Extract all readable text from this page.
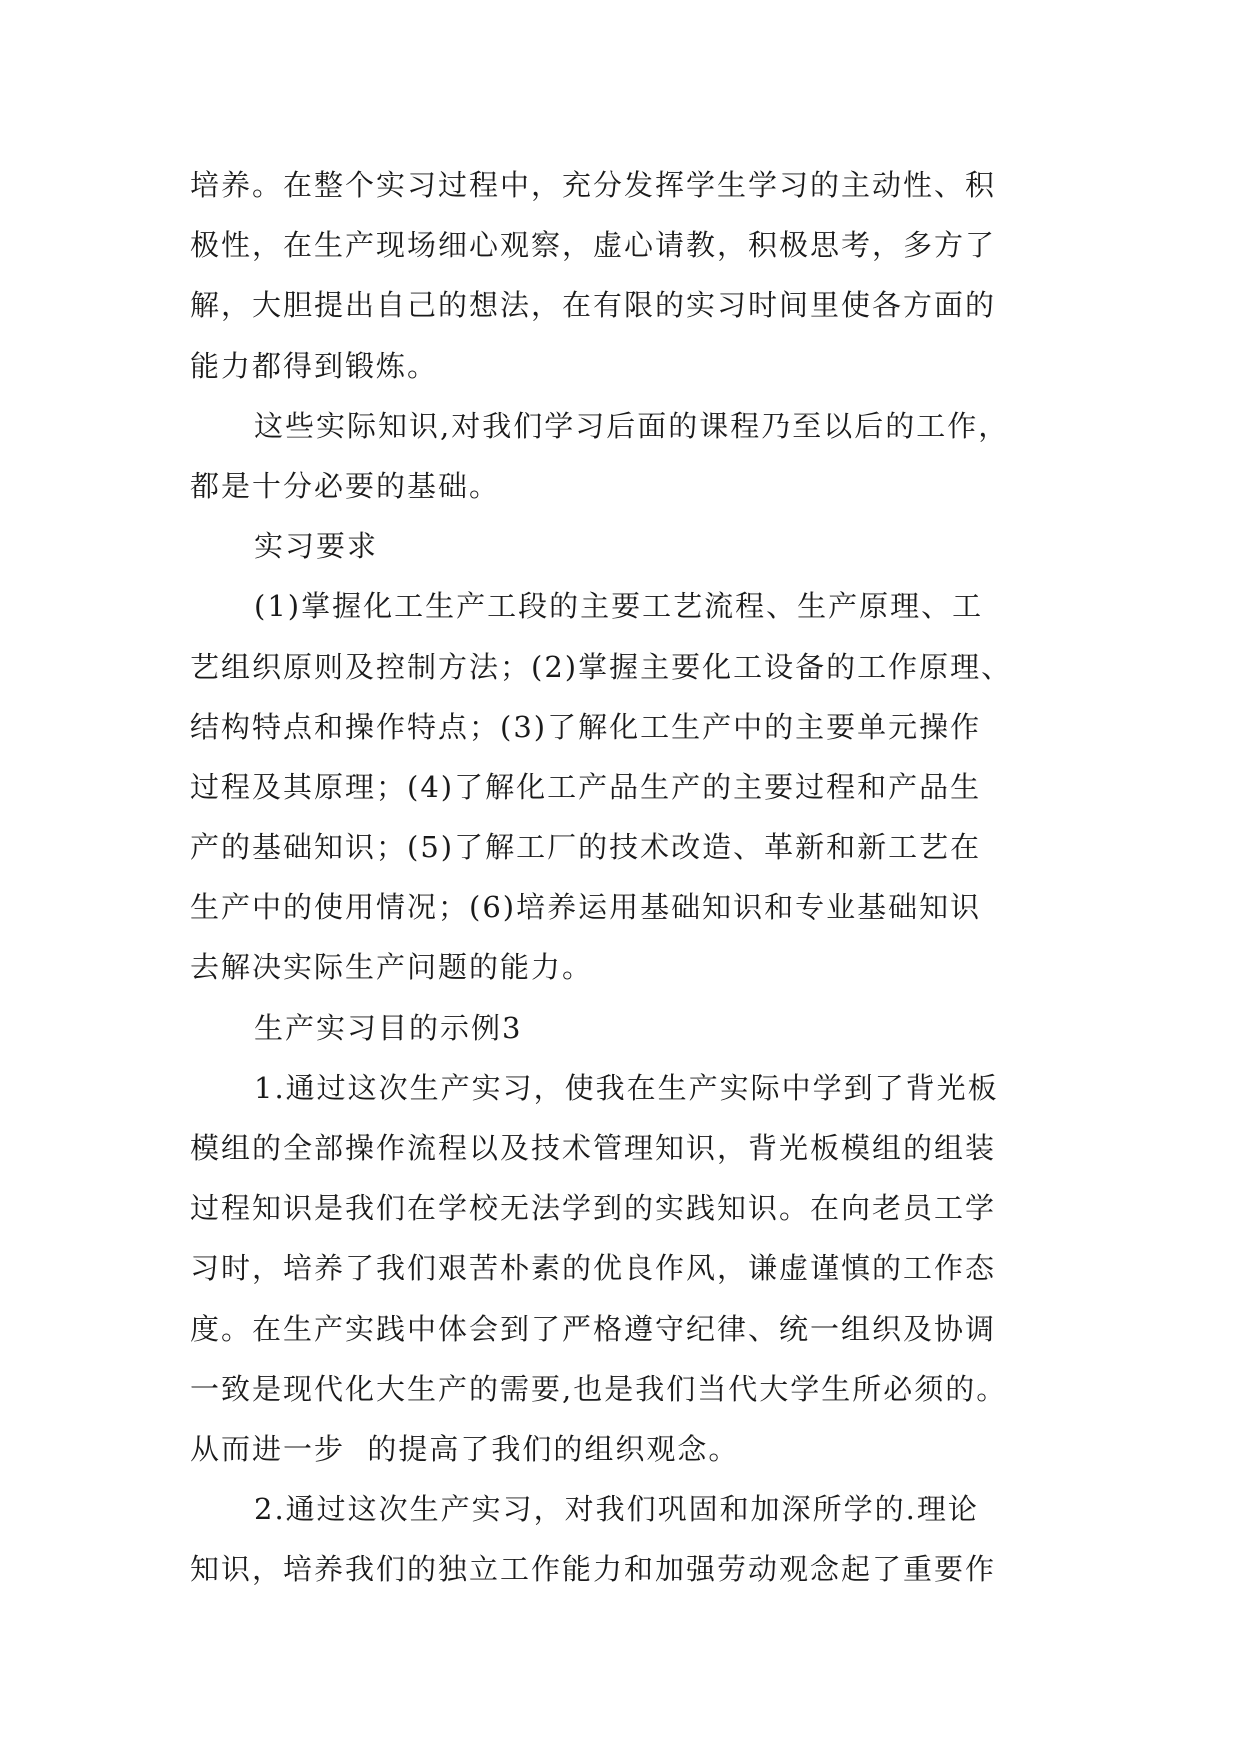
培养。在整个实习过程中，充分发挥学生学习的主动性、积
极性，在生产现场细心观察，虚心请教，积极思考，多方了
解，大胆提出自己的想法，在有限的实习时间里使各方面的
能力都得到锻炼。
这些实际知识,对我们学习后面的课程乃至以后的工作，
都是十分必要的基础。
实习要求
(1)掌握化工生产工段的主要工艺流程、生产原理、工
艺组织原则及控制方法；(2)掌握主要化工设备的工作原理、
结构特点和操作特点；(3)了解化工生产中的主要单元操作
过程及其原理；(4)了解化工产品生产的主要过程和产品生
产的基础知识；(5)了解工厂的技术改造、革新和新工艺在
生产中的使用情况；(6)培养运用基础知识和专业基础知识
去解决实际生产问题的能力。
生产实习目的示例3
1.通过这次生产实习，使我在生产实际中学到了背光板
模组的全部操作流程以及技术管理知识，背光板模组的组装
过程知识是我们在学校无法学到的实践知识。在向老员工学
习时，培养了我们艰苦朴素的优良作风，谦虚谨慎的工作态
度。在生产实践中体会到了严格遵守纪律、统一组织及协调
一致是现代化大生产的需要,也是我们当代大学生所必须的。
从而进一步  的提高了我们的组织观念。
2.通过这次生产实习，对我们巩固和加深所学的.理论
知识，培养我们的独立工作能力和加强劳动观念起了重要作
